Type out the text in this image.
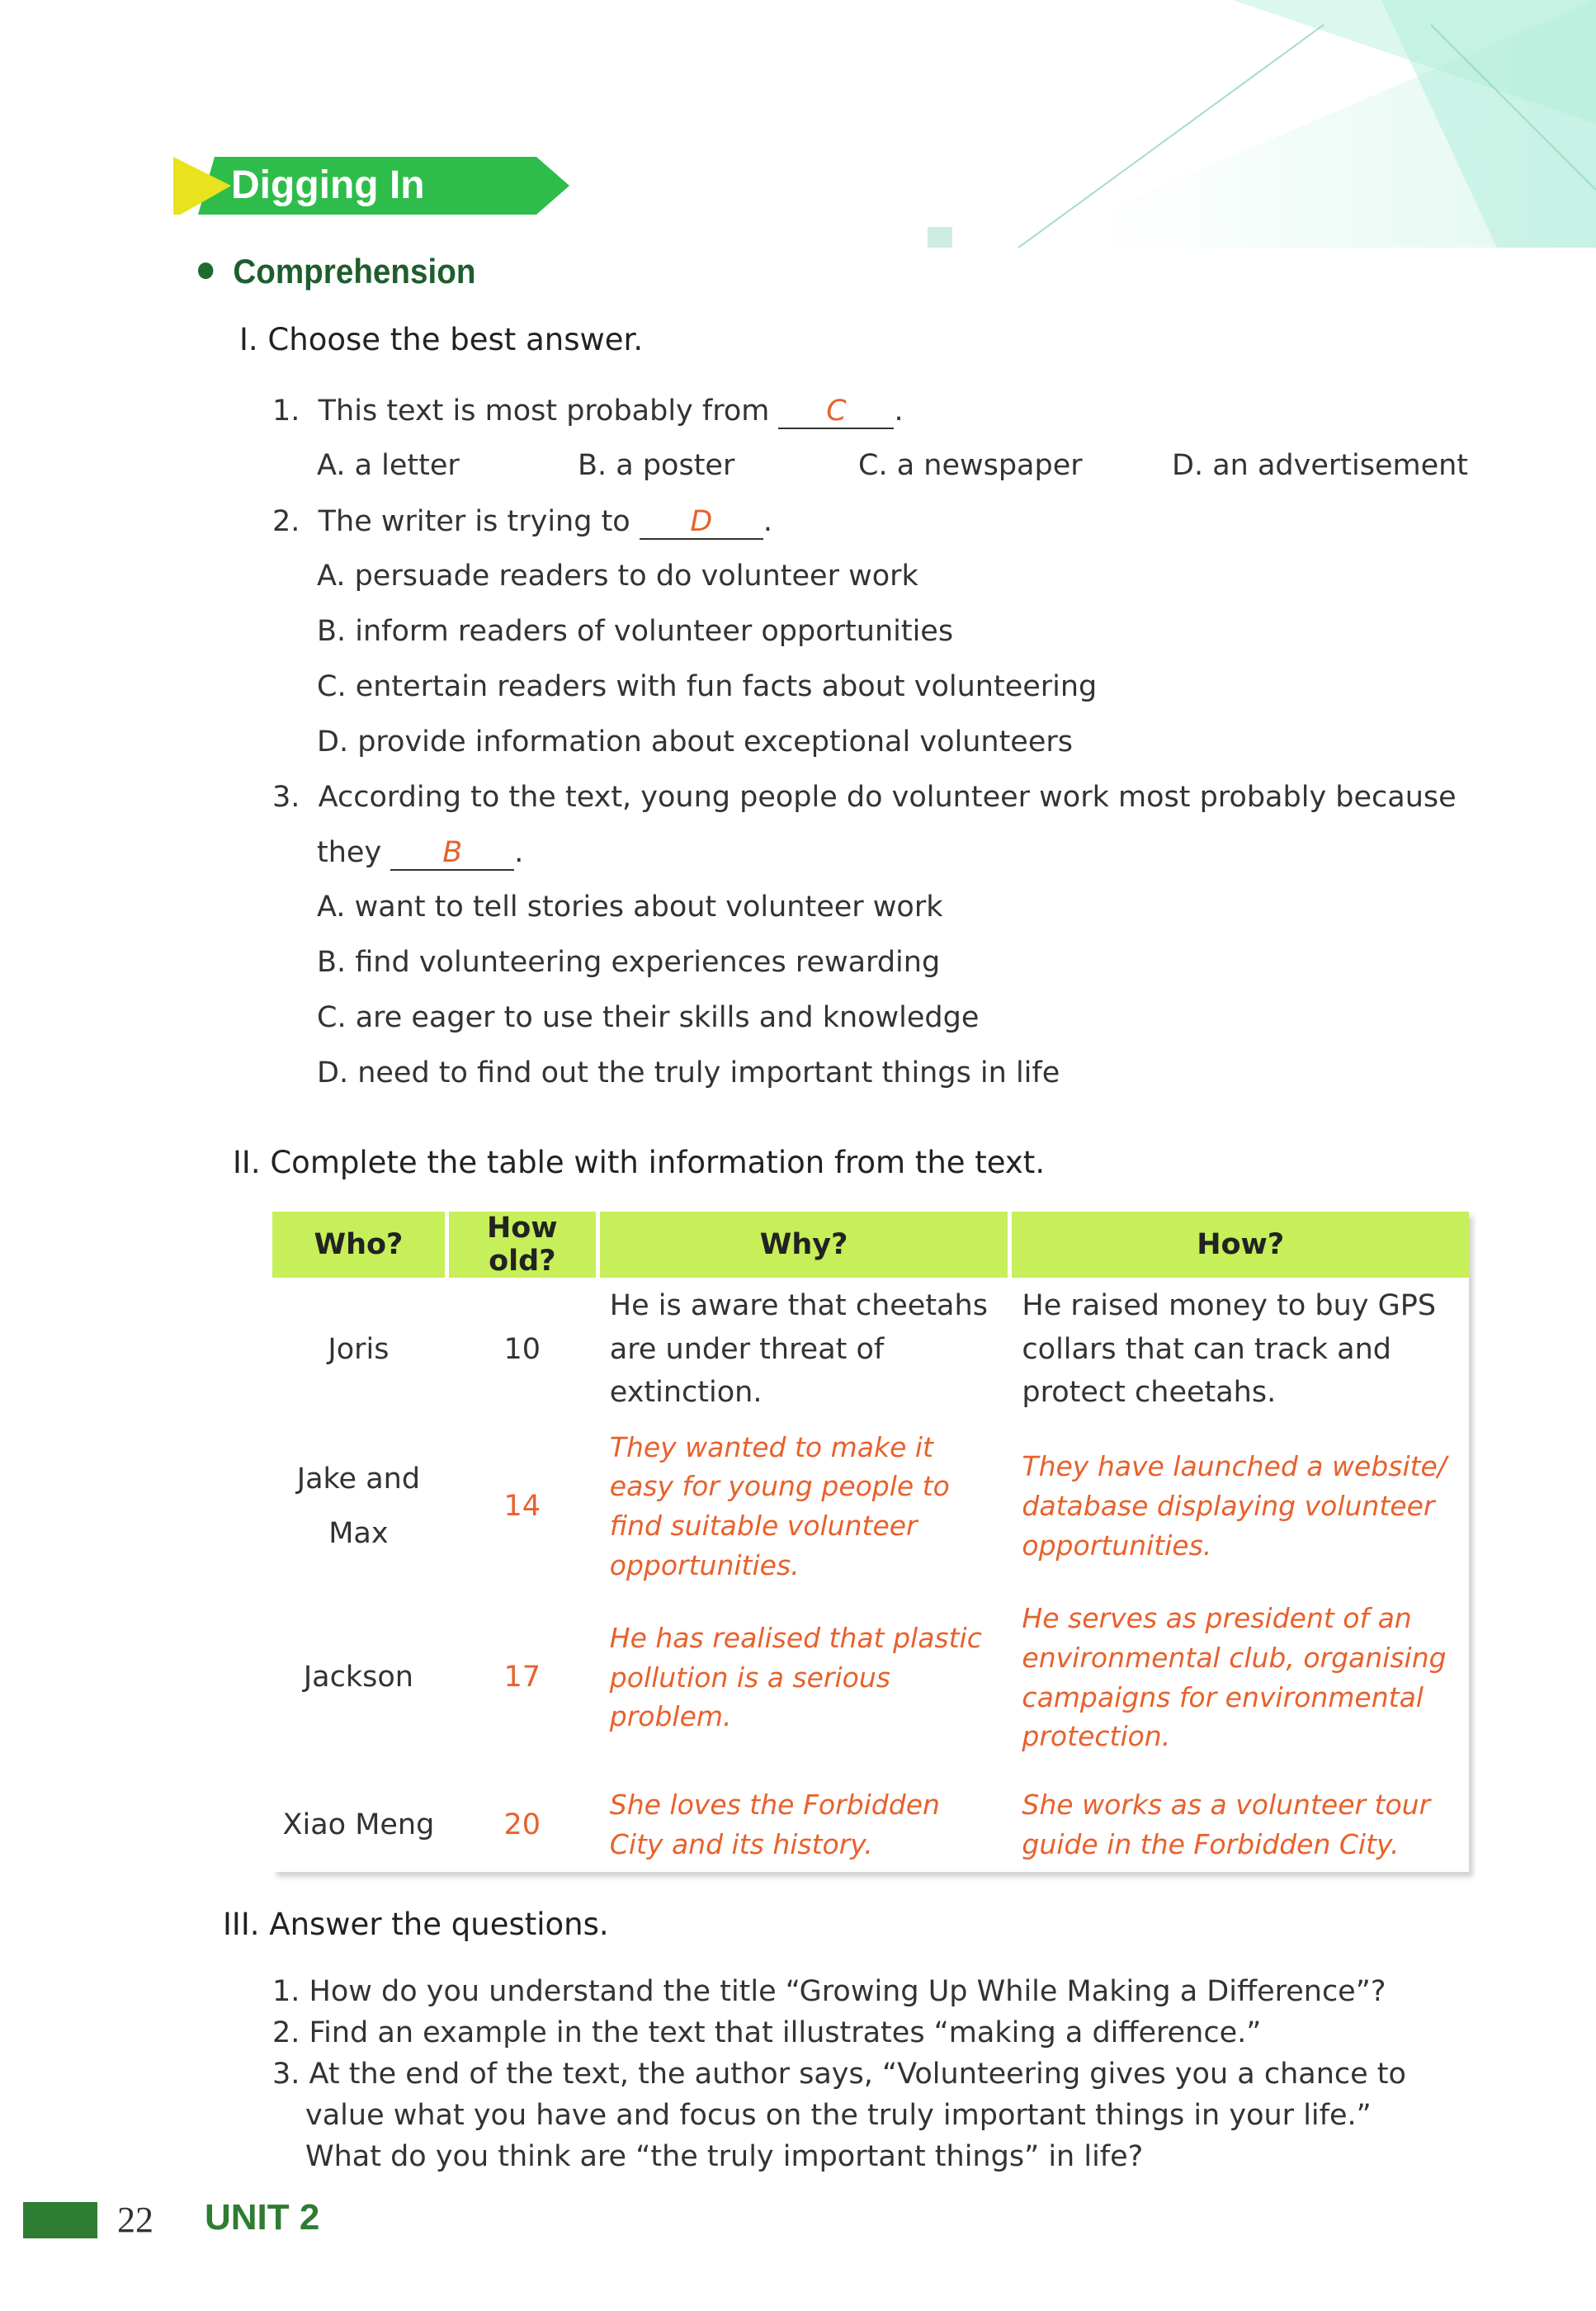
Digging In
Comprehension
I. Choose the best answer.
1. This text is most probably from C .
A. a letter	B. a poster	C. a newspaper	D. an advertisement
2. The writer is trying to D .
A. persuade readers to do volunteer work
B. inform readers of volunteer opportunities
C. entertain readers with fun facts about volunteering
D. provide information about exceptional volunteers
3. According to the text, young people do volunteer work most probably because
they B .
A. want to tell stories about volunteer work
B. find volunteering experiences rewarding
C. are eager to use their skills and knowledge
D. need to find out the truly important things in life
II. Complete the table with information from the text.
Who?	How old?	Why?	How?
Joris	10	He is aware that cheetahs are under threat of extinction.	He raised money to buy GPS collars that can track and protect cheetahs.
Jake and Max	14	They wanted to make it easy for young people to find suitable volunteer opportunities.	They have launched a website/ database displaying volunteer opportunities.
Jackson	17	He has realised that plastic pollution is a serious problem.	He serves as president of an environmental club, organising campaigns for environmental protection.
Xiao Meng	20	She loves the Forbidden City and its history.	She works as a volunteer tour guide in the Forbidden City.
III. Answer the questions.
1. How do you understand the title “Growing Up While Making a Difference”?
2. Find an example in the text that illustrates “making a difference.”
3. At the end of the text, the author says, “Volunteering gives you a chance to
value what you have and focus on the truly important things in your life.”
What do you think are “the truly important things” in life?
22 UNIT 2
